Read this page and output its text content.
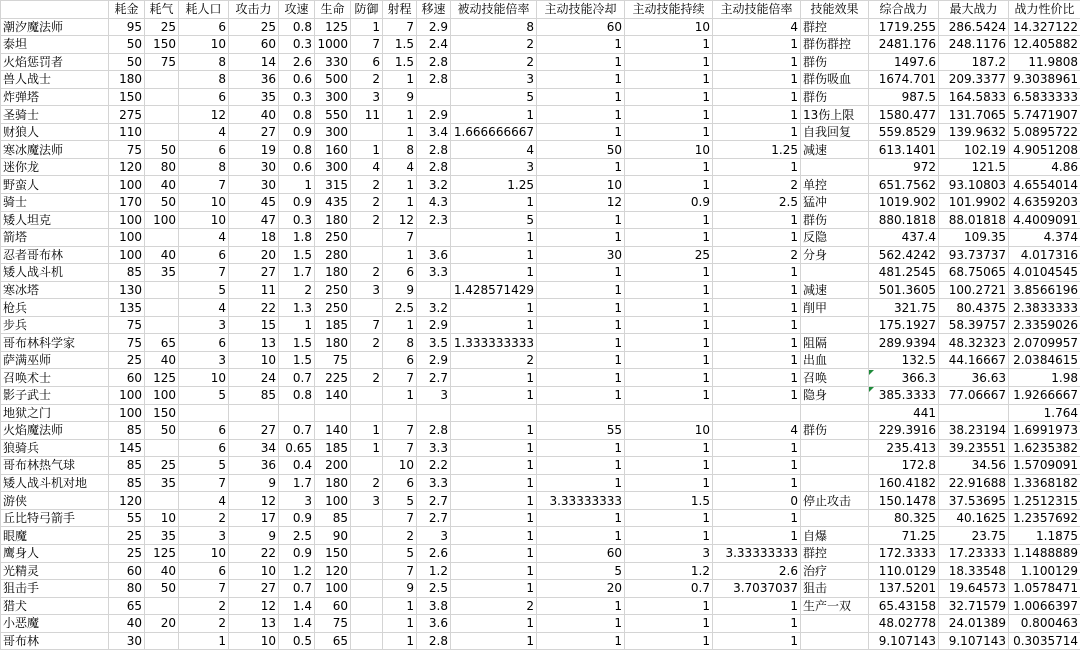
	耗金	耗气	耗人口	攻击力	攻速	生命	防御	射程	移速	被动技能倍率	主动技能冷却	主动技能持续	主动技能倍率	技能效果	综合战力	最大战力	战力性价比
潮汐魔法师	95	25	6	25	0.8	125	1	7	2.9	8	60	10	4	群控	1719.255	286.5424	14.327122
泰坦	50	150	10	60	0.3	1000	7	1.5	2.4	2	1	1	1	群伤群控	2481.176	248.1176	12.405882
火焰惩罚者	50	75	8	14	2.6	330	6	1.5	2.8	2	1	1	1	群伤	1497.6	187.2	11.9808
兽人战士	180		8	36	0.6	500	2	1	2.8	3	1	1	1	群伤吸血	1674.701	209.3377	9.3038961
炸弹塔	150		6	35	0.3	300	3	9		5	1	1	1	群伤	987.5	164.5833	6.5833333
圣骑士	275		12	40	0.8	550	11	1	2.9	1	1	1	1	13伤上限	1580.477	131.7065	5.7471907
财狼人	110		4	27	0.9	300		1	3.4	1.666666667	1	1	1	自我回复	559.8529	139.9632	5.0895722
寒冰魔法师	75	50	6	19	0.8	160	1	8	2.8	4	50	10	1.25	减速	613.1401	102.19	4.9051208
迷你龙	120	80	8	30	0.6	300	4	4	2.8	3	1	1	1		972	121.5	4.86
野蛮人	100	40	7	30	1	315	2	1	3.2	1.25	10	1	2	单控	651.7562	93.10803	4.6554014
骑士	170	50	10	45	0.9	435	2	1	4.3	1	12	0.9	2.5	猛冲	1019.902	101.9902	4.6359203
矮人坦克	100	100	10	47	0.3	180	2	12	2.3	5	1	1	1	群伤	880.1818	88.01818	4.4009091
箭塔	100		4	18	1.8	250		7		1	1	1	1	反隐	437.4	109.35	4.374
忍者哥布林	100	40	6	20	1.5	280		1	3.6	1	30	25	2	分身	562.4242	93.73737	4.017316
矮人战斗机	85	35	7	27	1.7	180	2	6	3.3	1	1	1	1		481.2545	68.75065	4.0104545
寒冰塔	130		5	11	2	250	3	9		1.428571429	1	1	1	减速	501.3605	100.2721	3.8566196
枪兵	135		4	22	1.3	250		2.5	3.2	1	1	1	1	削甲	321.75	80.4375	2.3833333
步兵	75		3	15	1	185	7	1	2.9	1	1	1	1		175.1927	58.39757	2.3359026
哥布林科学家	75	65	6	13	1.5	180	2	8	3.5	1.333333333	1	1	1	阻隔	289.9394	48.32323	2.0709957
萨满巫师	25	40	3	10	1.5	75		6	2.9	2	1	1	1	出血	132.5	44.16667	2.0384615
召唤术士	60	125	10	24	0.7	225	2	7	2.7	1	1	1	1	召唤	366.3	36.63	1.98
影子武士	100	100	5	85	0.8	140		1	3	1	1	1	1	隐身	385.3333	77.06667	1.9266667
地狱之门	100	150													441		1.764
火焰魔法师	85	50	6	27	0.7	140	1	7	2.8	1	55	10	4	群伤	229.3916	38.23194	1.6991973
狼骑兵	145		6	34	0.65	185	1	7	3.3	1	1	1	1		235.413	39.23551	1.6235382
哥布林热气球	85	25	5	36	0.4	200		10	2.2	1	1	1	1		172.8	34.56	1.5709091
矮人战斗机对地	85	35	7	9	1.7	180	2	6	3.3	1	1	1	1		160.4182	22.91688	1.3368182
游侠	120		4	12	3	100	3	5	2.7	1	3.33333333	1.5	0	停止攻击	150.1478	37.53695	1.2512315
丘比特弓箭手	55	10	2	17	0.9	85		7	2.7	1	1	1	1		80.325	40.1625	1.2357692
眼魔	25	35	3	9	2.5	90		2	3	1	1	1	1	自爆	71.25	23.75	1.1875
鹰身人	25	125	10	22	0.9	150		5	2.6	1	60	3	3.33333333	群控	172.3333	17.23333	1.1488889
光精灵	60	40	6	10	1.2	120		7	1.2	1	5	1.2	2.6	治疗	110.0129	18.33548	1.100129
狙击手	80	50	7	27	0.7	100		9	2.5	1	20	0.7	3.7037037	狙击	137.5201	19.64573	1.0578471
猎犬	65		2	12	1.4	60		1	3.8	2	1	1	1	生产一双	65.43158	32.71579	1.0066397
小恶魔	40	20	2	13	1.4	75		1	3.6	1	1	1	1		48.02778	24.01389	0.800463
哥布林	30		1	10	0.5	65		1	2.8	1	1	1	1		9.107143	9.107143	0.3035714
